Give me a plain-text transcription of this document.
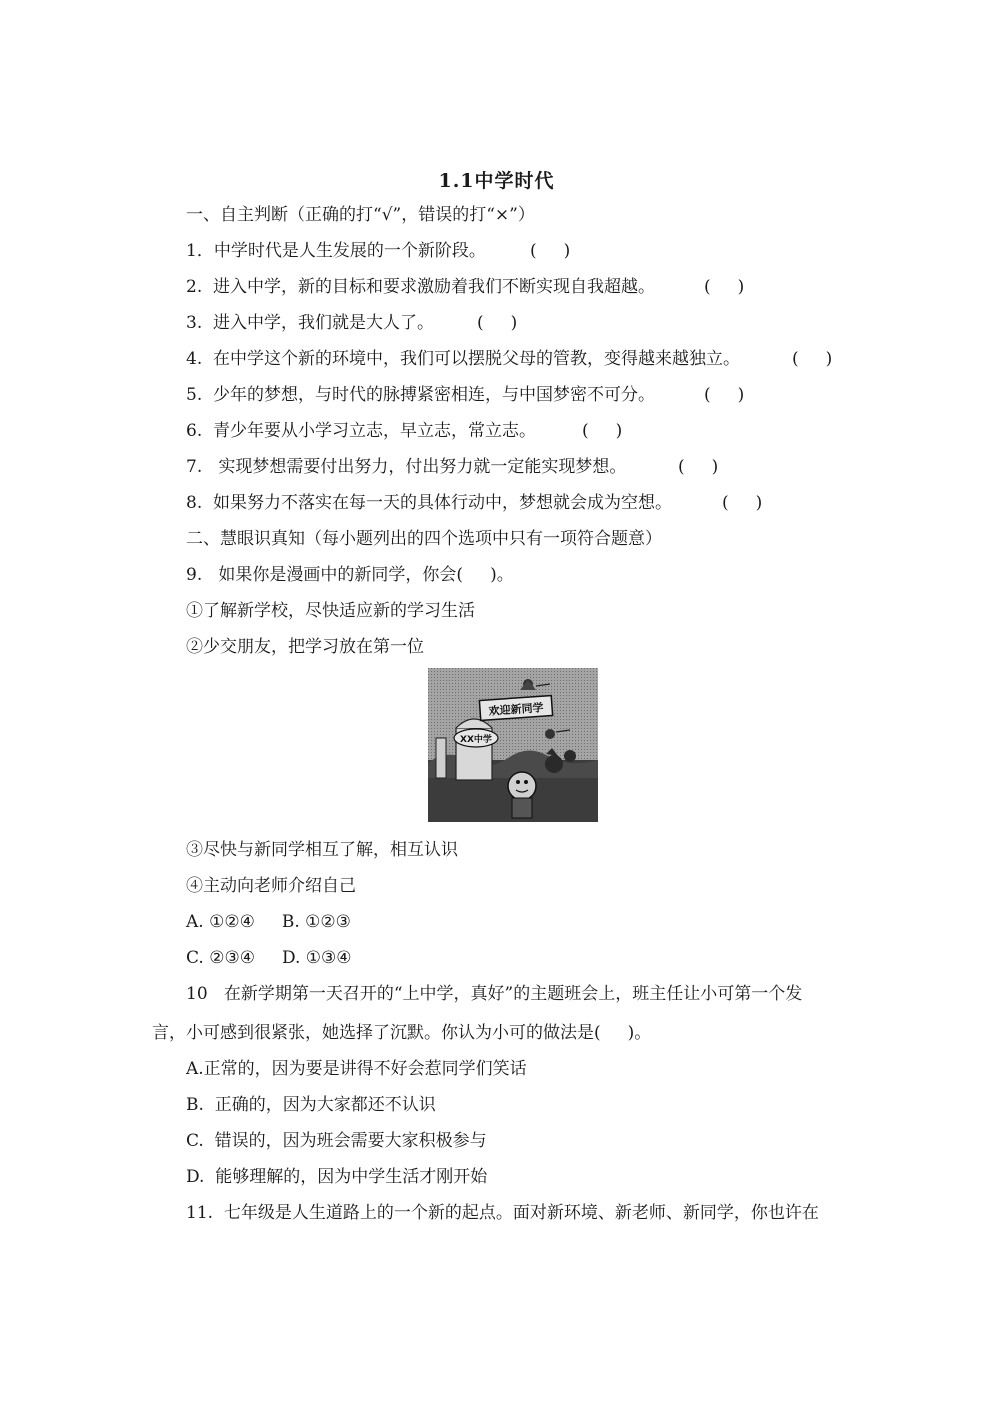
1.1中学时代
一、自主判断（正确的打“√”，错误的打“×”）
1．中学时代是人生发展的一个新阶段。	(     )
2.  进入中学，新的目标和要求激励着我们不断实现自我超越。	(     )
3.  进入中学，我们就是大人了。	(     )
4.  在中学这个新的环境中，我们可以摆脱父母的管教，变得越来越独立。	(     )
5.  少年的梦想，与时代的脉搏紧密相连，与中国梦密不可分。	(     )
6.  青少年要从小学习立志，早立志，常立志。	(     )
7.   实现梦想需要付出努力，付出努力就一定能实现梦想。	(     )
8.  如果努力不落实在每一天的具体行动中，梦想就会成为空想。	(     )
二、慧眼识真知（每小题列出的四个选项中只有一项符合题意）
9.   如果你是漫画中的新同学，你会(     )。
①了解新学校，尽快适应新的学习生活
②少交朋友，把学习放在第一位
欢迎新同学
XX中学
③尽快与新同学相互了解，相互认识
④主动向老师介绍自己
A. ①②④     B. ①②③
C. ②③④     D. ①③④
10   在新学期第一天召开的“上中学，真好”的主题班会上，班主任让小可第一个发
言，小可感到很紧张，她选择了沉默。你认为小可的做法是(     )。
A.正常的，因为要是讲得不好会惹同学们笑话
B.  正确的，因为大家都还不认识
C.  错误的，因为班会需要大家积极参与
D.  能够理解的，因为中学生活才刚开始
11.  七年级是人生道路上的一个新的起点。面对新环境、新老师、新同学，你也许在
